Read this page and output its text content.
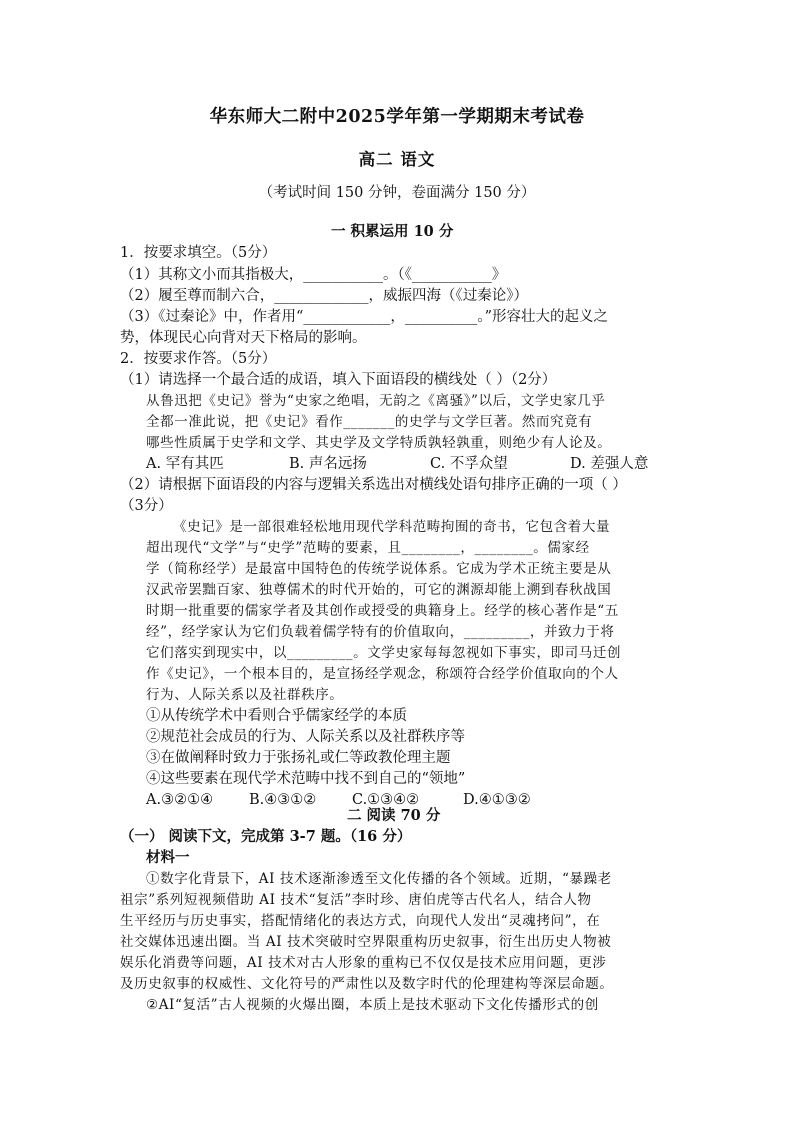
华东师大二附中2025学年第一学期期末考试卷
高二 语文
（考试时间 150 分钟，卷面满分 150 分）
一 积累运用 10 分
1．按要求填空。（5分）
（1）其称文小而其指极大，___________。（《___________》
（2）履至尊而制六合，_____________，威振四海（《过秦论》）
（3）《过秦论》中，作者用“____________，__________。”形容壮大的起义之
势，体现民心向背对天下格局的影响。
2．按要求作答。（5分）
（1）请选择一个最合适的成语，填入下面语段的横线处（ ）（2分）
从鲁迅把《史记》誉为“史家之绝唱，无韵之《离骚》”以后，文学史家几乎
全都一准此说，把《史记》看作_______的史学与文学巨著。然而究竟有
哪些性质属于史学和文学、其史学及文学特质孰轻孰重，则绝少有人论及。
A. 罕有其匹	B. 声名远扬	C. 不孚众望	D. 差强人意
（2）请根据下面语段的内容与逻辑关系选出对横线处语句排序正确的一项（ ）
（3分）
《史记》是一部很难轻松地用现代学科范畴拘囿的奇书，它包含着大量
超出现代“文学”与“史学”范畴的要素，且________，________。儒家经
学（简称经学）是最富中国特色的传统学说体系。它成为学术正统主要是从
汉武帝罢黜百家、独尊儒术的时代开始的，可它的渊源却能上溯到春秋战国
时期一批重要的儒家学者及其创作或授受的典籍身上。经学的核心著作是“五
经”，经学家认为它们负载着儒学特有的价值取向，_________，并致力于将
它们落实到现实中，以_________。文学史家每每忽视如下事实，即司马迁创
作《史记》，一个根本目的，是宣扬经学观念，称颂符合经学价值取向的个人
行为、人际关系以及社群秩序。
①从传统学术中看则合乎儒家经学的本质
②规范社会成员的行为、人际关系以及社群秩序等
③在做阐释时致力于张扬礼或仁等政教伦理主题
④这些要素在现代学术范畴中找不到自己的“领地”
A.③②①④ B.④③①② C.①③④②	D.④①③②
二 阅读 70 分
（一） 阅读下文，完成第 3-7 题。（16 分）
材料一
①数字化背景下，AI 技术逐渐渗透至文化传播的各个领域。近期，“暴躁老
祖宗”系列短视频借助 AI 技术“复活”李时珍、唐伯虎等古代名人，结合人物
生平经历与历史事实，搭配情绪化的表达方式，向现代人发出“灵魂拷问”，在
社交媒体迅速出圈。当 AI 技术突破时空界限重构历史叙事，衍生出历史人物被
娱乐化消费等问题，AI 技术对古人形象的重构已不仅仅是技术应用问题，更涉
及历史叙事的权威性、文化符号的严肃性以及数字时代的伦理建构等深层命题。
②AI“复活”古人视频的火爆出圈，本质上是技术驱动下文化传播形式的创
